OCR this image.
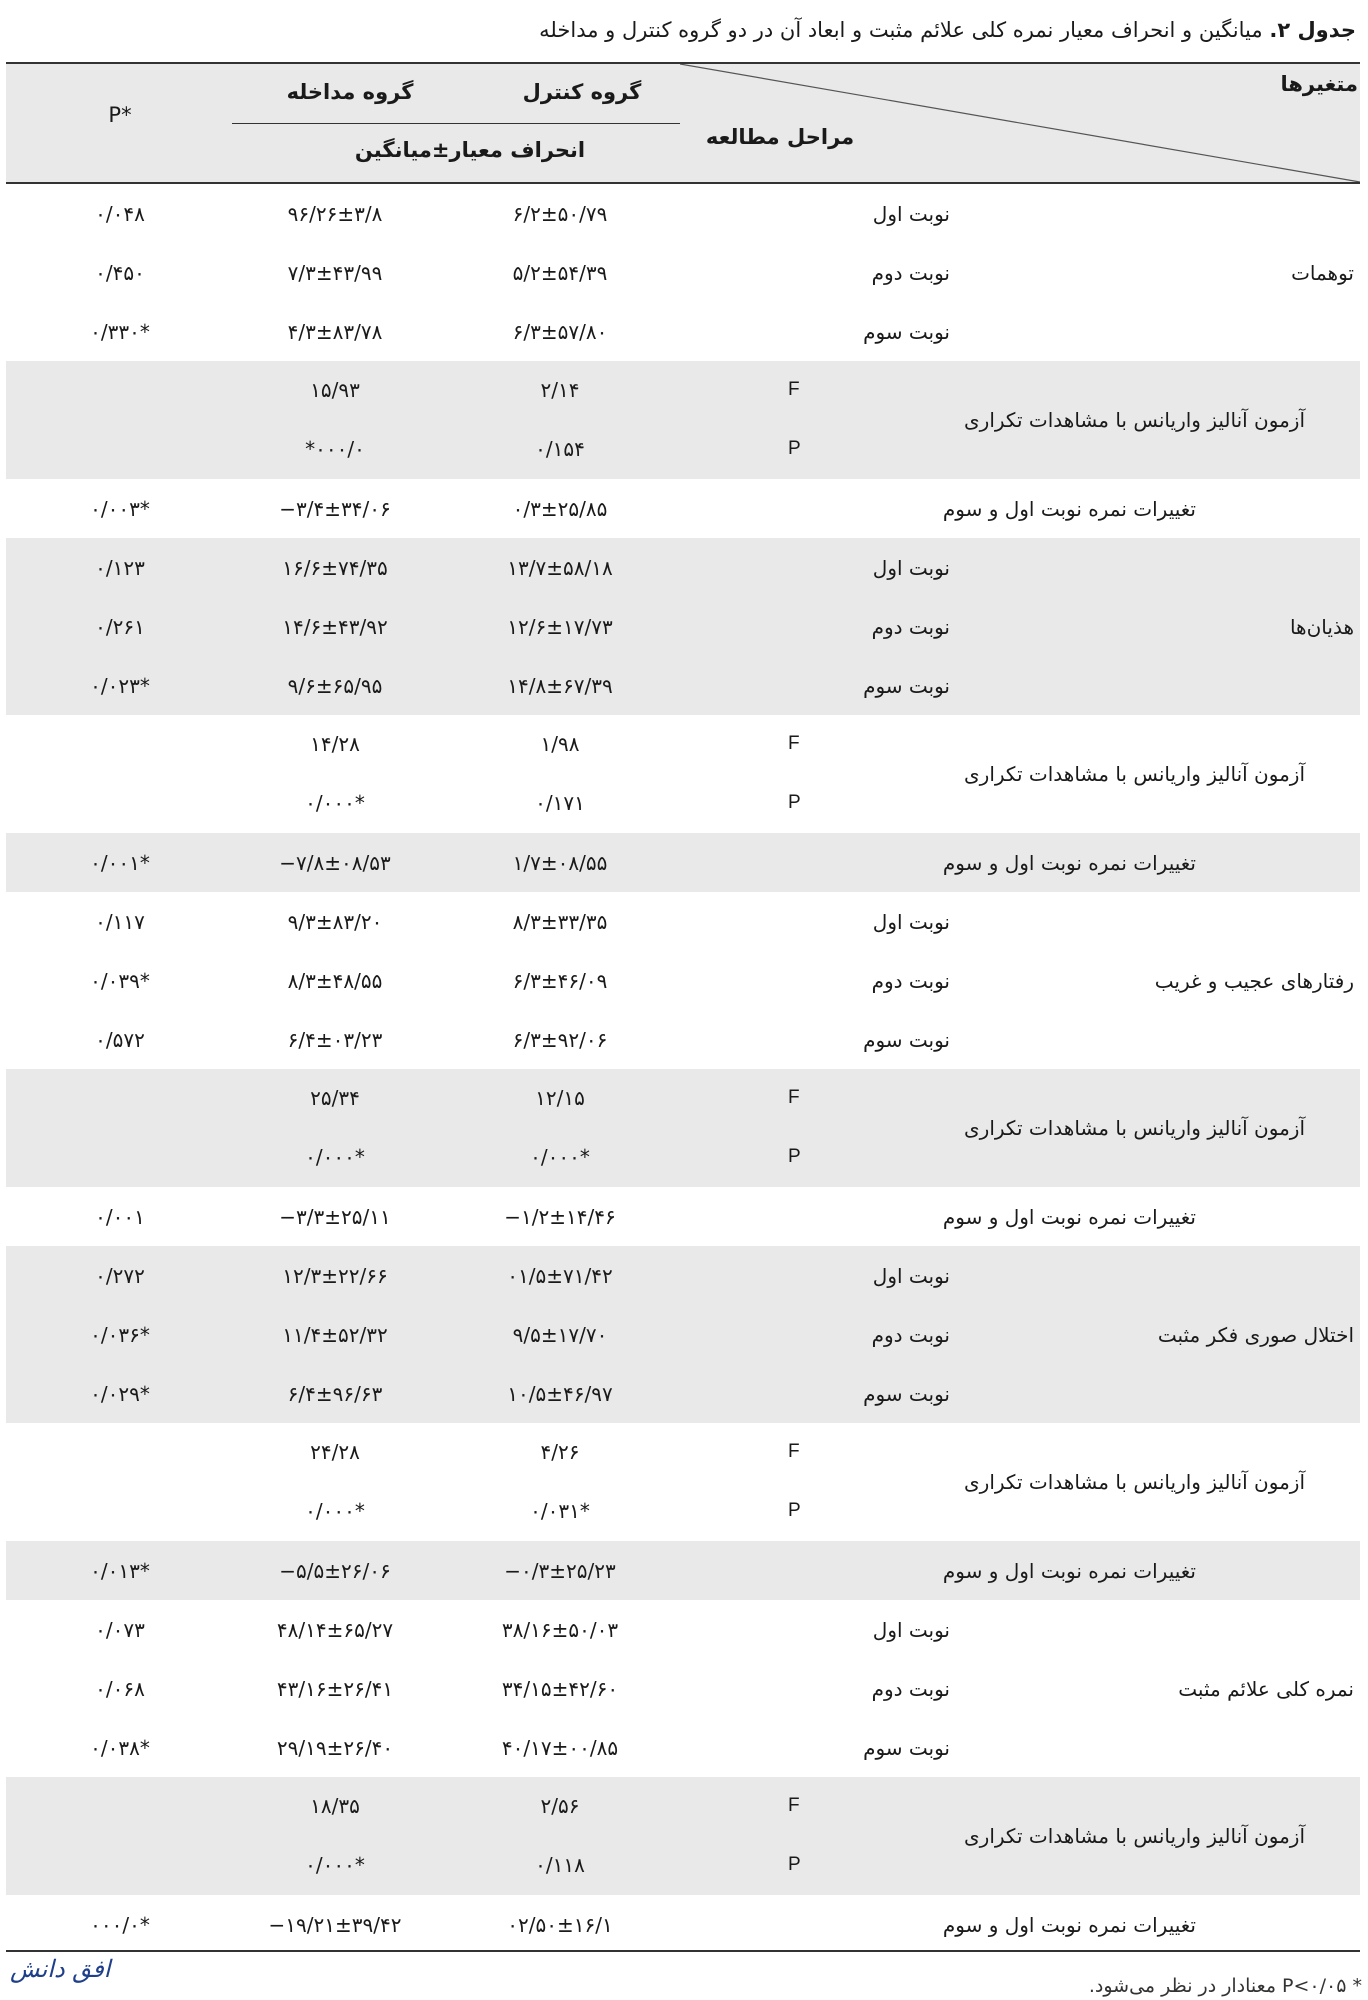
جدول ۲. میانگین و انحراف معیار نمره کلی علائم مثبت و ابعاد آن در دو گروه کنترل و مداخله
متغیرها
مراحل مطالعه
گروه کنترل
گروه مداخله
انحراف معیار±میانگین
P*
توهمات
نوبت اول
۶/۲±۵۰/۷۹
۹۶/۲۶±۳/۸
۰/۰۴۸
نوبت دوم
۵/۲±۵۴/۳۹
۷/۳±۴۳/۹۹
۰/۴۵۰
نوبت سوم
۶/۳±۵۷/۸۰
۴/۳±۸۳/۷۸
۰/۳۳۰*
آزمون آنالیز واریانس با مشاهدات تکراری
F
P
۲/۱۴
۱۵/۹۳
۰/۱۵۴
*۰۰۰/۰
تغییرات نمره نوبت اول و سوم
۰/۳±۲۵/۸۵
−۳/۴±۳۴/۰۶
۰/۰۰۳*
هذیان‌ها
نوبت اول
۱۳/۷±۵۸/۱۸
۱۶/۶±۷۴/۳۵
۰/۱۲۳
نوبت دوم
۱۲/۶±۱۷/۷۳
۱۴/۶±۴۳/۹۲
۰/۲۶۱
نوبت سوم
۱۴/۸±۶۷/۳۹
۹/۶±۶۵/۹۵
۰/۰۲۳*
آزمون آنالیز واریانس با مشاهدات تکراری
F
P
۱/۹۸
۱۴/۲۸
۰/۱۷۱
۰/۰۰۰*
تغییرات نمره نوبت اول و سوم
۱/۷±۰۸/۵۵
−۷/۸±۰۸/۵۳
۰/۰۰۱*
رفتارهای عجیب و غریب
نوبت اول
۸/۳±۳۳/۳۵
۹/۳±۸۳/۲۰
۰/۱۱۷
نوبت دوم
۶/۳±۴۶/۰۹
۸/۳±۴۸/۵۵
۰/۰۳۹*
نوبت سوم
۶/۳±۹۲/۰۶
۶/۴±۰۳/۲۳
۰/۵۷۲
آزمون آنالیز واریانس با مشاهدات تکراری
F
P
۱۲/۱۵
۲۵/۳۴
۰/۰۰۰*
۰/۰۰۰*
تغییرات نمره نوبت اول و سوم
−۱/۲±۱۴/۴۶
−۳/۳±۲۵/۱۱
۰/۰۰۱
اختلال صوری فکر مثبت
نوبت اول
۰۱/۵±۷۱/۴۲
۱۲/۳±۲۲/۶۶
۰/۲۷۲
نوبت دوم
۹/۵±۱۷/۷۰
۱۱/۴±۵۲/۳۲
۰/۰۳۶*
نوبت سوم
۱۰/۵±۴۶/۹۷
۶/۴±۹۶/۶۳
۰/۰۲۹*
آزمون آنالیز واریانس با مشاهدات تکراری
F
P
۴/۲۶
۲۴/۲۸
۰/۰۳۱*
۰/۰۰۰*
تغییرات نمره نوبت اول و سوم
−۰/۳±۲۵/۲۳
−۵/۵±۲۶/۰۶
۰/۰۱۳*
نمره کلی علائم مثبت
نوبت اول
۳۸/۱۶±۵۰/۰۳
۴۸/۱۴±۶۵/۲۷
۰/۰۷۳
نوبت دوم
۳۴/۱۵±۴۲/۶۰
۴۳/۱۶±۲۶/۴۱
۰/۰۶۸
نوبت سوم
۴۰/۱۷±۰۰/۸۵
۲۹/۱۹±۲۶/۴۰
۰/۰۳۸*
آزمون آنالیز واریانس با مشاهدات تکراری
F
P
۲/۵۶
۱۸/۳۵
۰/۱۱۸
۰/۰۰۰*
تغییرات نمره نوبت اول و سوم
۰۲/۵۰±۱۶/۱
−۱۹/۲۱±۳۹/۴۲
۰۰۰/۰*
* P<۰/۰۵ معنادار در نظر می‌شود.
افق دانش
